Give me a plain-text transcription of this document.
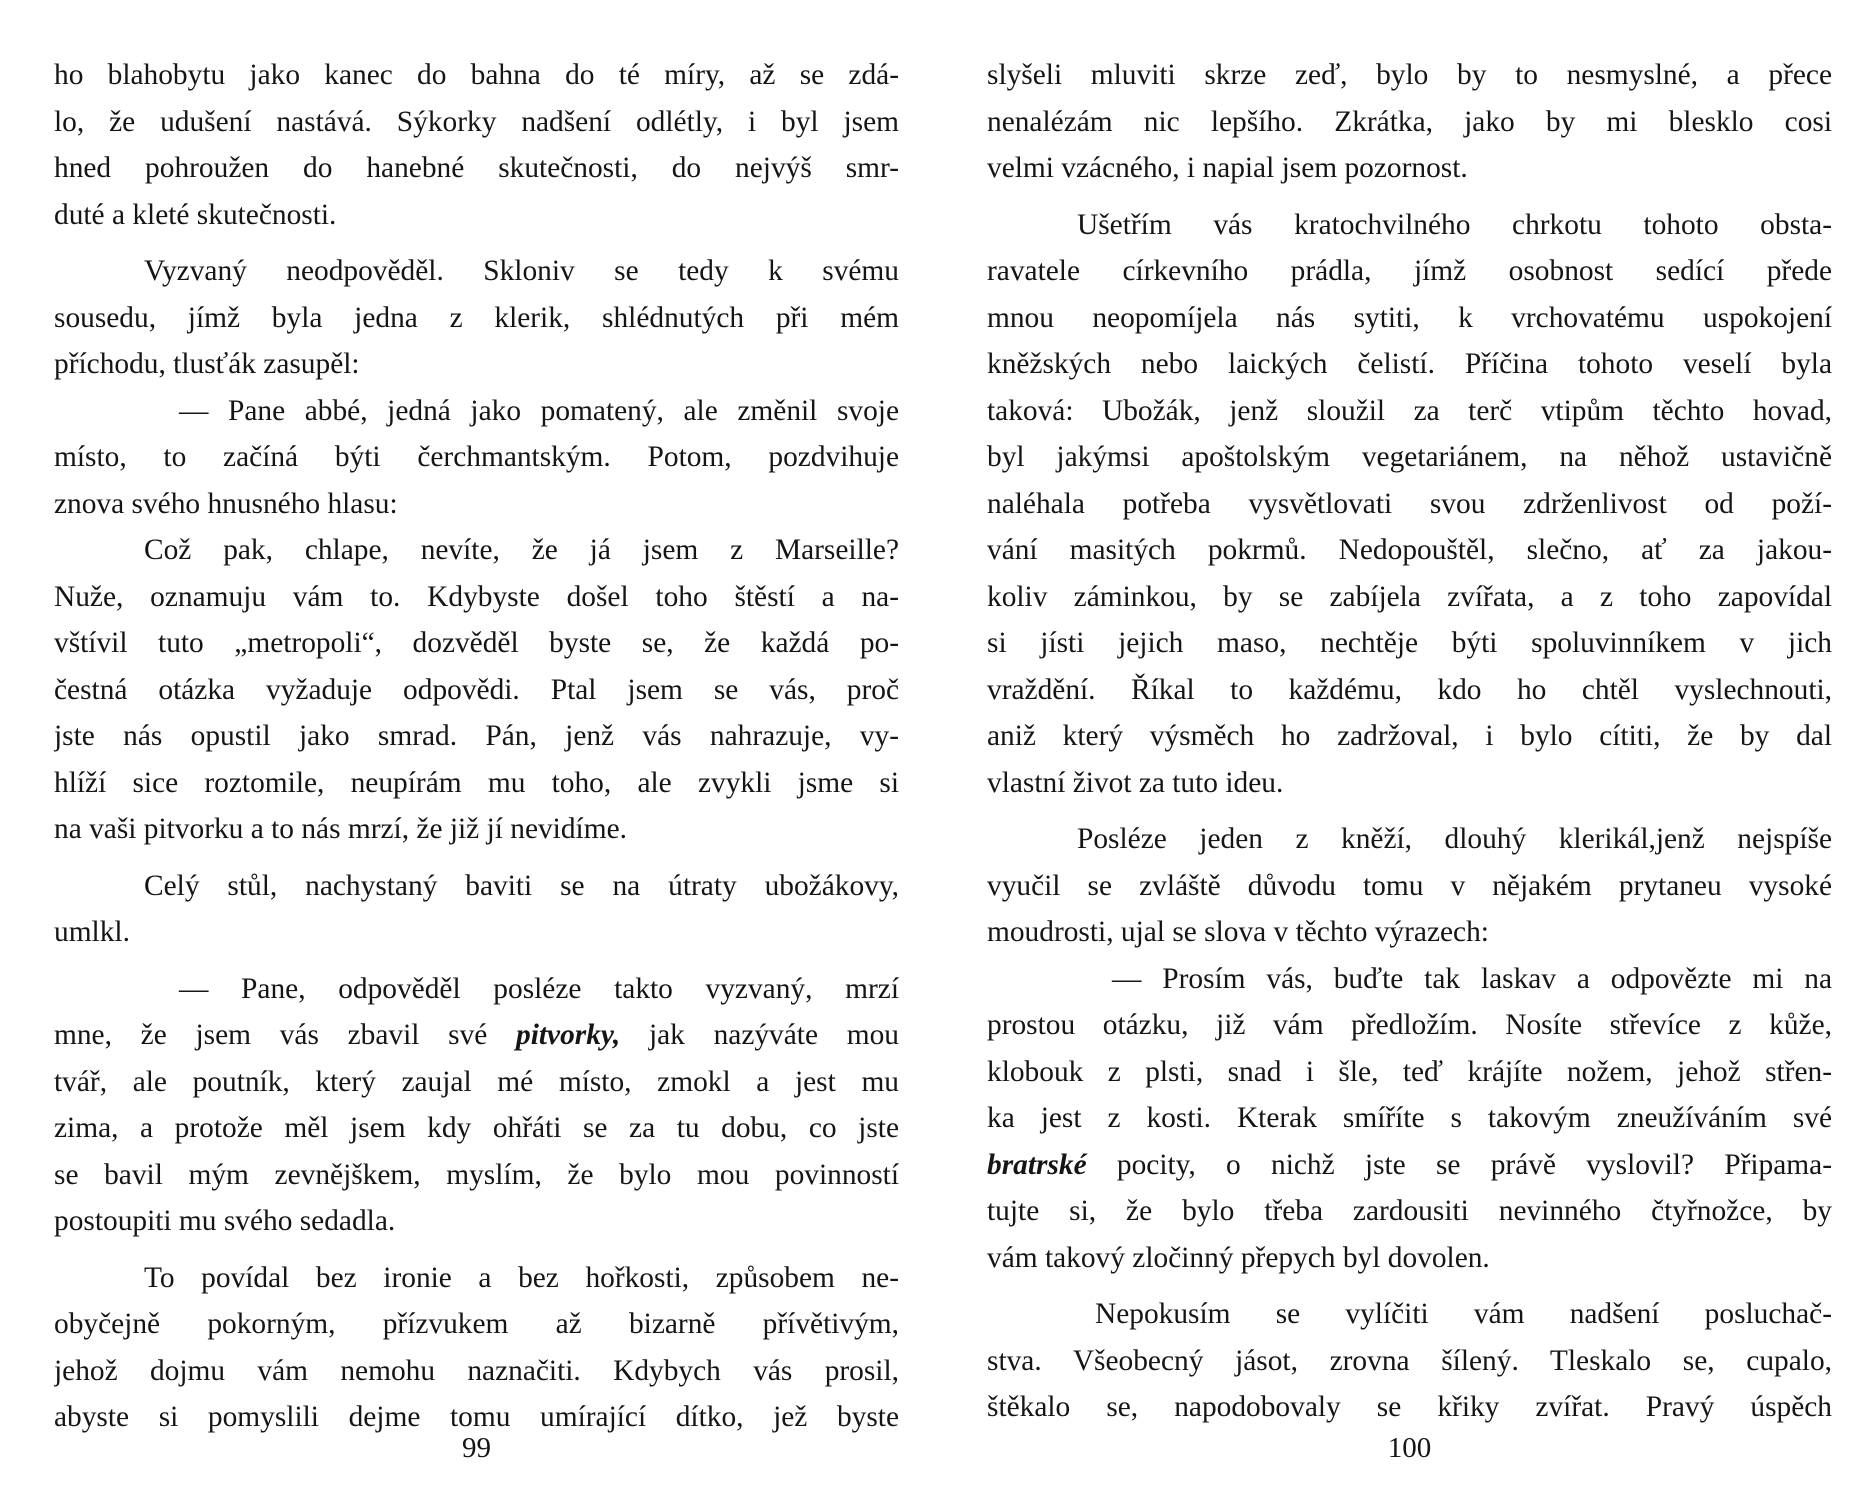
ho blahobytu jako kanec do bahna do té míry, až se zdá-
lo, že udušení nastává. Sýkorky nadšení odlétly, i byl jsem
hned pohroužen do hanebné skutečnosti, do nejvýš smr-
duté a kleté skutečnosti.
Vyzvaný neodpověděl. Skloniv se tedy k svému
sousedu, jímž byla jedna z klerik, shlédnutých při mém
příchodu, tlusťák zasupěl:
— Pane abbé, jedná jako pomatený, ale změnil svoje
místo, to začíná býti čerchmantským. Potom, pozdvihuje
znova svého hnusného hlasu:
Což pak, chlape, nevíte, že já jsem z Marseille?
Nuže, oznamuju vám to. Kdybyste došel toho štěstí a na-
vštívil tuto „metropoli“, dozvěděl byste se, že každá po-
čestná otázka vyžaduje odpovědi. Ptal jsem se vás, proč
jste nás opustil jako smrad. Pán, jenž vás nahrazuje, vy-
hlíží sice roztomile, neupírám mu toho, ale zvykli jsme si
na vaši pitvorku a to nás mrzí, že již jí nevidíme.
Celý stůl, nachystaný baviti se na útraty ubožákovy,
umlkl.
— Pane, odpověděl posléze takto vyzvaný, mrzí
mne, že jsem vás zbavil své pitvorky, jak nazýváte mou
tvář, ale poutník, který zaujal mé místo, zmokl a jest mu
zima, a protože měl jsem kdy ohřáti se za tu dobu, co jste
se bavil mým zevnějškem, myslím, že bylo mou povinností
postoupiti mu svého sedadla.
To povídal bez ironie a bez hořkosti, způsobem ne-
obyčejně pokorným, přízvukem až bizarně přívětivým,
jehož dojmu vám nemohu naznačiti. Kdybych vás prosil,
abyste si pomyslili dejme tomu umírající dítko, jež byste
99
slyšeli mluviti skrze zeď, bylo by to nesmyslné, a přece
nenalézám nic lepšího. Zkrátka, jako by mi blesklo cosi
velmi vzácného, i napial jsem pozornost.
Ušetřím vás kratochvilného chrkotu tohoto obsta-
ravatele církevního prádla, jímž osobnost sedící přede
mnou neopomíjela nás sytiti, k vrchovatému uspokojení
kněžských nebo laických čelistí. Příčina tohoto veselí byla
taková: Ubožák, jenž sloužil za terč vtipům těchto hovad,
byl jakýmsi apoštolským vegetariánem, na něhož ustavičně
naléhala potřeba vysvětlovati svou zdrženlivost od poží-
vání masitých pokrmů. Nedopouštěl, slečno, ať za jakou-
koliv záminkou, by se zabíjela zvířata, a z toho zapovídal
si jísti jejich maso, nechtěje býti spoluvinníkem v jich
vraždění. Říkal to každému, kdo ho chtěl vyslechnouti,
aniž který výsměch ho zadržoval, i bylo cítiti, že by dal
vlastní život za tuto ideu.
Posléze jeden z kněží, dlouhý klerikál,jenž nejspíše
vyučil se zvláště důvodu tomu v nějakém prytaneu vysoké
moudrosti, ujal se slova v těchto výrazech:
— Prosím vás, buďte tak laskav a odpovězte mi na
prostou otázku, již vám předložím. Nosíte střevíce z kůže,
klobouk z plsti, snad i šle, teď krájíte nožem, jehož střen-
ka jest z kosti. Kterak smíříte s takovým zneužíváním své
bratrské pocity, o nichž jste se právě vyslovil? Připama-
tujte si, že bylo třeba zardousiti nevinného čtyřnožce, by
vám takový zločinný přepych byl dovolen.
Nepokusím se vylíčiti vám nadšení posluchač-
stva. Všeobecný jásot, zrovna šílený. Tleskalo se, cupalo,
štěkalo se, napodobovaly se křiky zvířat. Pravý úspěch
100
